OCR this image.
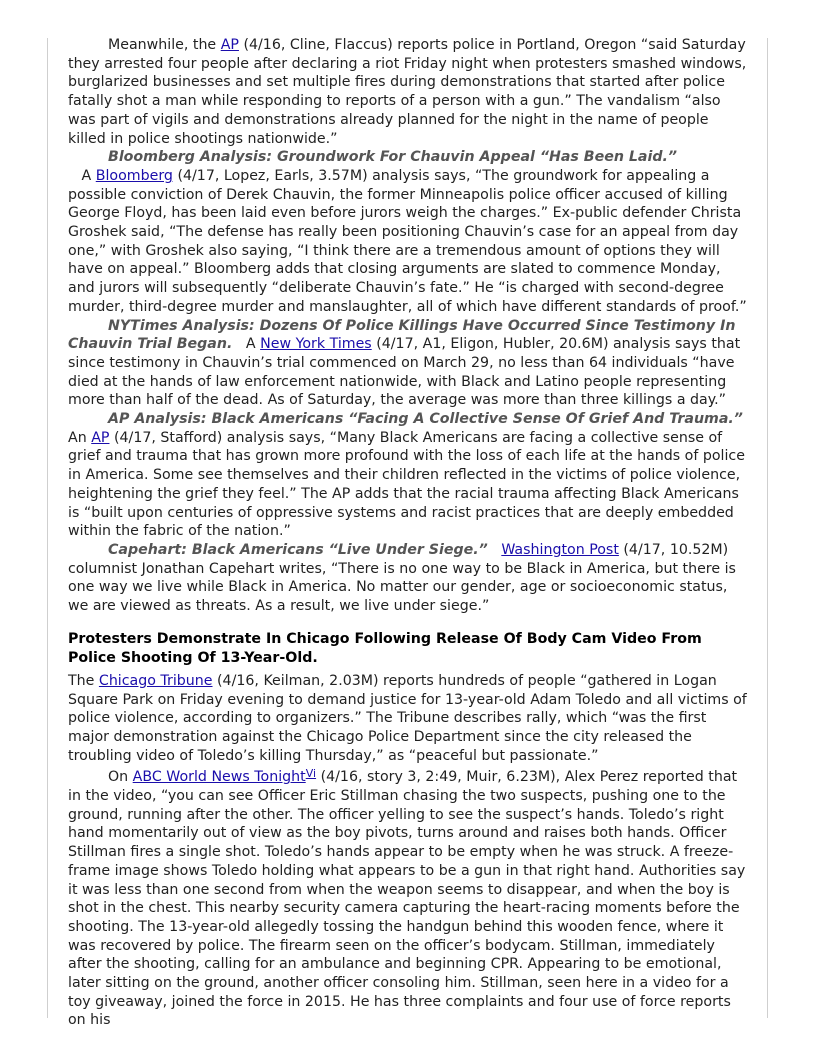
Meanwhile, the AP (4/16, Cline, Flaccus) reports police in Portland, Oregon “said Saturday they arrested four people after declaring a riot Friday night when protesters smashed windows, burglarized businesses and set multiple fires during demonstrations that started after police fatally shot a man while responding to reports of a person with a gun.” The vandalism “also was part of vigils and demonstrations already planned for the night in the name of people killed in police shootings nationwide.”

Bloomberg Analysis: Groundwork For Chauvin Appeal “Has Been Laid.”   A Bloomberg (4/17, Lopez, Earls, 3.57M) analysis says, “The groundwork for appealing a possible conviction of Derek Chauvin, the former Minneapolis police officer accused of killing George Floyd, has been laid even before jurors weigh the charges.” Ex-public defender Christa Groshek said, “The defense has really been positioning Chauvin’s case for an appeal from day one,” with Groshek also saying, “I think there are a tremendous amount of options they will have on appeal.” Bloomberg adds that closing arguments are slated to commence Monday, and jurors will subsequently “deliberate Chauvin’s fate.” He “is charged with second-degree murder, third-degree murder and manslaughter, all of which have different standards of proof.”

NYTimes Analysis: Dozens Of Police Killings Have Occurred Since Testimony In Chauvin Trial Began.   A New York Times (4/17, A1, Eligon, Hubler, 20.6M) analysis says that since testimony in Chauvin’s trial commenced on March 29, no less than 64 individuals “have died at the hands of law enforcement nationwide, with Black and Latino people representing more than half of the dead. As of Saturday, the average was more than three killings a day.”

AP Analysis: Black Americans “Facing A Collective Sense Of Grief And Trauma.” An AP (4/17, Stafford) analysis says, “Many Black Americans are facing a collective sense of grief and trauma that has grown more profound with the loss of each life at the hands of police in America. Some see themselves and their children reflected in the victims of police violence, heightening the grief they feel.” The AP adds that the racial trauma affecting Black Americans is “built upon centuries of oppressive systems and racist practices that are deeply embedded within the fabric of the nation.”

Capehart: Black Americans “Live Under Siege.” Washington Post (4/17, 10.52M) columnist Jonathan Capehart writes, “There is no one way to be Black in America, but there is one way we live while Black in America. No matter our gender, age or socioeconomic status, we are viewed as threats. As a result, we live under siege.”

Protesters Demonstrate In Chicago Following Release Of Body Cam Video From Police Shooting Of 13-Year-Old.

The Chicago Tribune (4/16, Keilman, 2.03M) reports hundreds of people “gathered in Logan Square Park on Friday evening to demand justice for 13-year-old Adam Toledo and all victims of police violence, according to organizers.” The Tribune describes rally, which “was the first major demonstration against the Chicago Police Department since the city released the troubling video of Toledo’s killing Thursday,” as “peaceful but passionate.”

On ABC World News Tonight$^{Vi}$ (4/16, story 3, 2:49, Muir, 6.23M), Alex Perez reported that in the video, “you can see Officer Eric Stillman chasing the two suspects, pushing one to the ground, running after the other. The officer yelling to see the suspect’s hands. Toledo’s right hand momentarily out of view as the boy pivots, turns around and raises both hands. Officer Stillman fires a single shot. Toledo’s hands appear to be empty when he was struck. A freeze-frame image shows Toledo holding what appears to be a gun in that right hand. Authorities say it was less than one second from when the weapon seems to disappear, and when the boy is shot in the chest. This nearby security camera capturing the heart-racing moments before the shooting. The 13-year-old allegedly tossing the handgun behind this wooden fence, where it was recovered by police. The firearm seen on the officer’s bodycam. Stillman, immediately after the shooting, calling for an ambulance and beginning CPR. Appearing to be emotional, later sitting on the ground, another officer consoling him. Stillman, seen here in a video for a toy giveaway, joined the force in 2015. He has three complaints and four use of force reports on his
